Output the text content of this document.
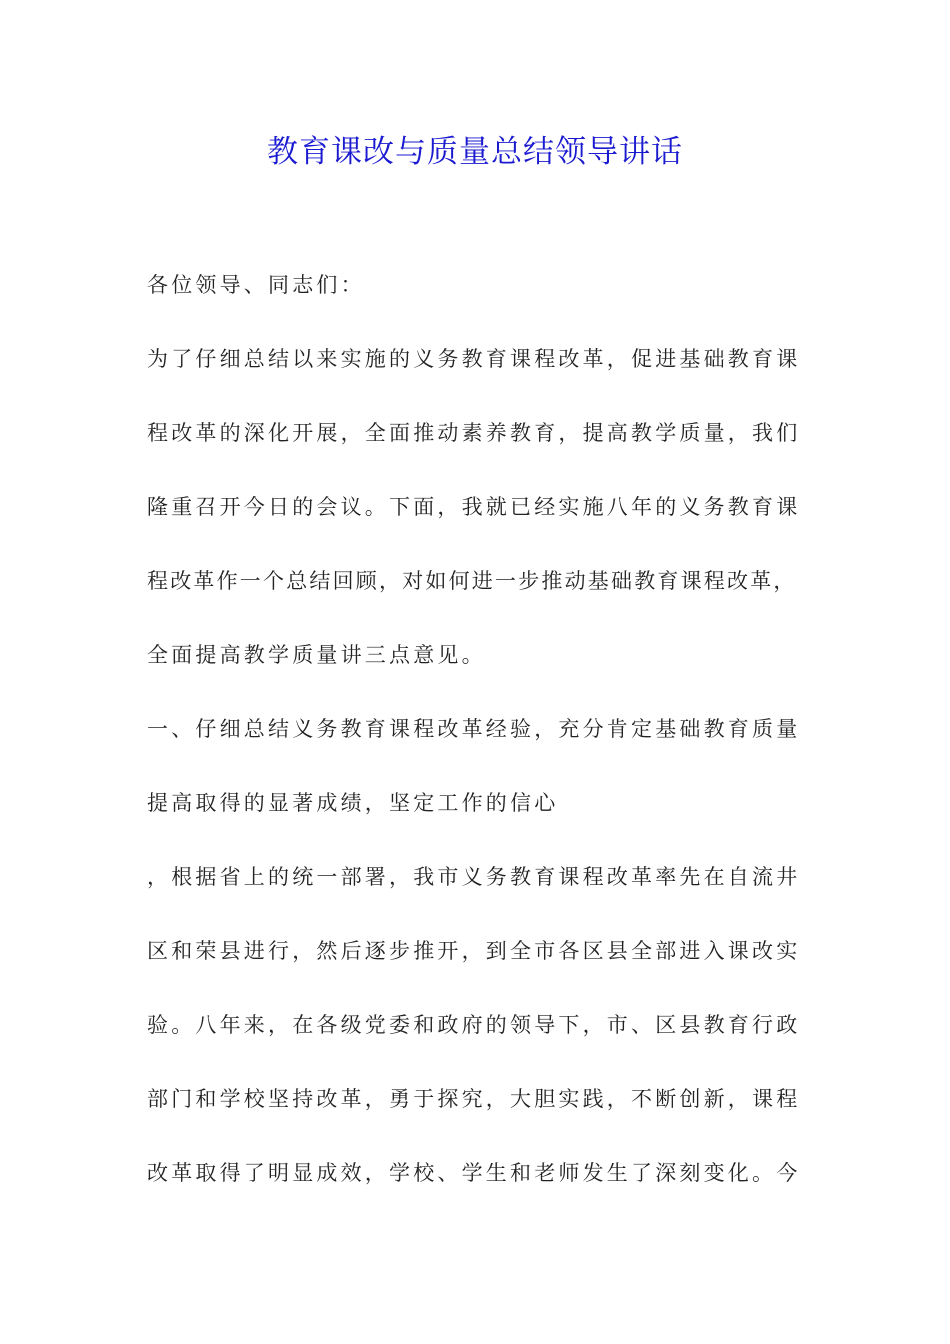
教育课改与质量总结领导讲话
各位领导、同志们：
为了仔细总结以来实施的义务教育课程改革，促进基础教育课
程改革的深化开展，全面推动素养教育，提高教学质量，我们
隆重召开今日的会议。下面，我就已经实施八年的义务教育课
程改革作一个总结回顾，对如何进一步推动基础教育课程改革，
全面提高教学质量讲三点意见。
一、仔细总结义务教育课程改革经验，充分肯定基础教育质量
提高取得的显著成绩，坚定工作的信心
，根据省上的统一部署，我市义务教育课程改革率先在自流井
区和荣县进行，然后逐步推开，到全市各区县全部进入课改实
验。八年来，在各级党委和政府的领导下，市、区县教育行政
部门和学校坚持改革，勇于探究，大胆实践，不断创新，课程
改革取得了明显成效，学校、学生和老师发生了深刻变化。今
